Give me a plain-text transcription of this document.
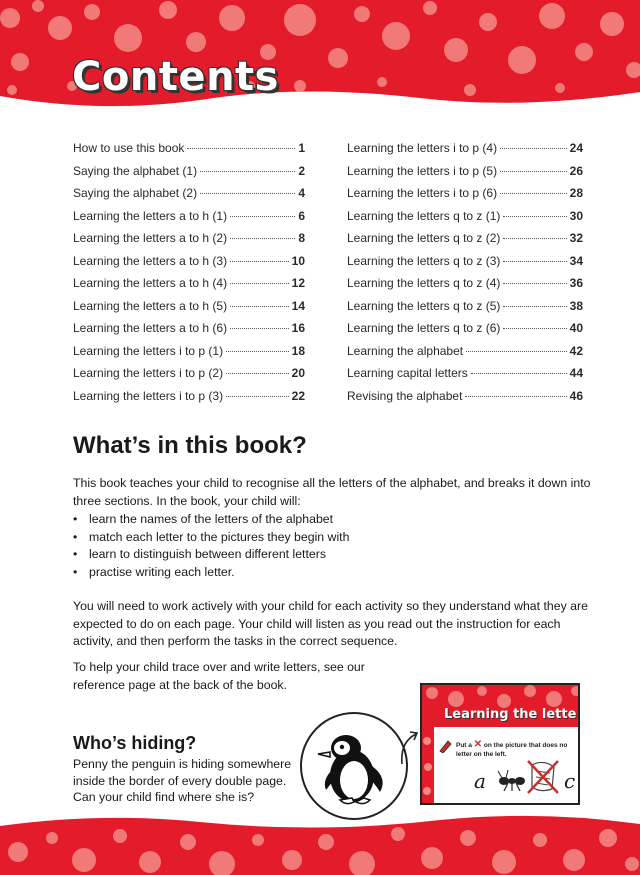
Contents
How to use this book	1
Saying the alphabet (1)	2
Saying the alphabet (2)	4
Learning the letters a to h (1)	6
Learning the letters a to h (2)	8
Learning the letters a to h (3)	10
Learning the letters a to h (4)	12
Learning the letters a to h (5)	14
Learning the letters a to h (6)	16
Learning the letters i to p (1)	18
Learning the letters i to p (2)	20
Learning the letters i to p (3)	22
Learning the letters i to p (4)	24
Learning the letters i to p (5)	26
Learning the letters i to p (6)	28
Learning the letters q to z (1)	30
Learning the letters q to z (2)	32
Learning the letters q to z (3)	34
Learning the letters q to z (4)	36
Learning the letters q to z (5)	38
Learning the letters q to z (6)	40
Learning the alphabet	42
Learning capital letters	44
Revising the alphabet	46
What’s in this book?

This book teaches your child to recognise all the letters of the alphabet, and breaks it down into three sections. In the book, your child will:

• learn the names of the letters of the alphabet
• match each letter to the pictures they begin with
• learn to distinguish between different letters
• practise writing each letter.

You will need to work actively with your child for each activity so they understand what they are expected to do on each page. Your child will listen as you read out the instruction for each activity, and then perform the tasks in the correct sequence.

To help your child trace over and write letters, see our reference page at the back of the book.

Who’s hiding?

Penny the penguin is hiding somewhere inside the border of every double page. Can your child find where she is?

Learning the lette
Put a ✕ on the picture that does no letter on the left.
a	c
